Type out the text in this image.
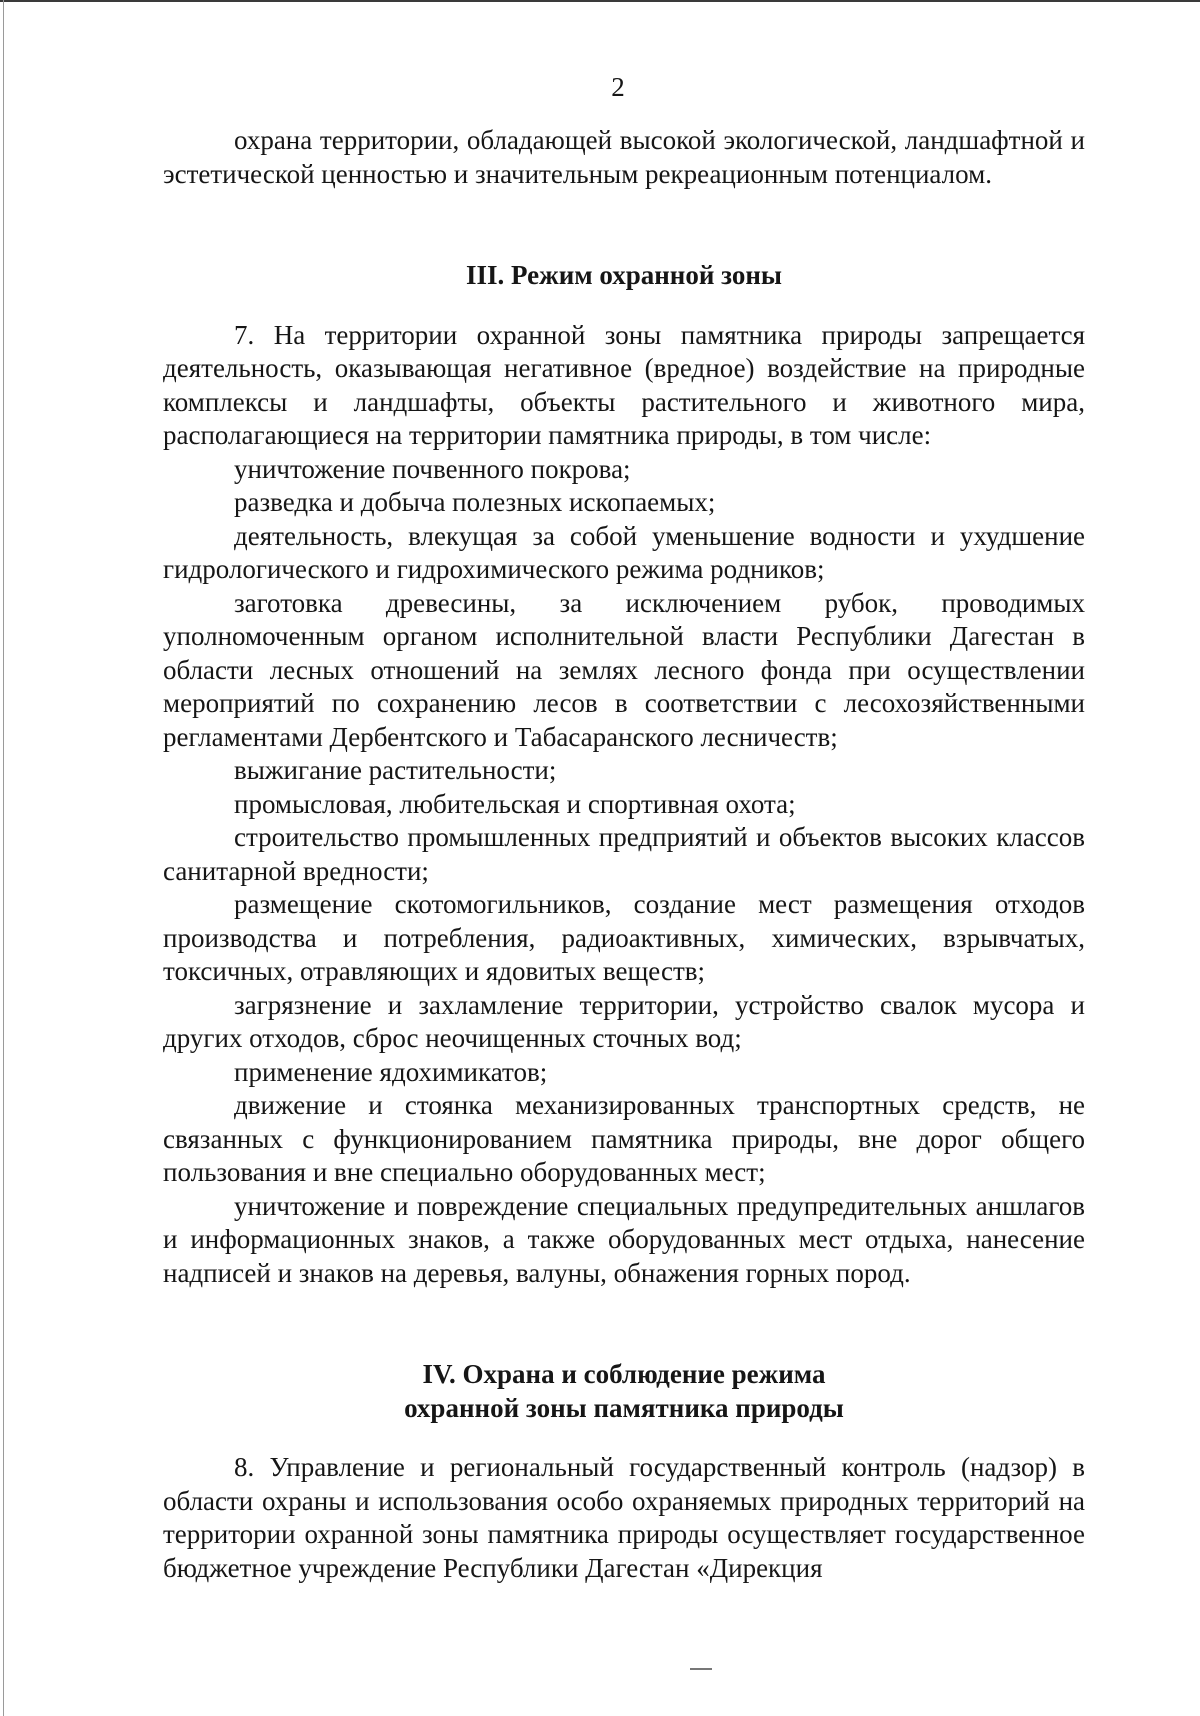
2

охрана территории, обладающей высокой экологической, ландшафтной и эстетической ценностью и значительным рекреационным потенциалом.

III. Режим охранной зоны

7. На территории охранной зоны памятника природы запрещается деятельность, оказывающая негативное (вредное) воздействие на природные комплексы и ландшафты, объекты растительного и животного мира, располагающиеся на территории памятника природы, в том числе:

уничтожение почвенного покрова;

разведка и добыча полезных ископаемых;

деятельность, влекущая за собой уменьшение водности и ухудшение гидрологического и гидрохимического режима родников;

заготовка древесины, за исключением рубок, проводимых уполномоченным органом исполнительной власти Республики Дагестан в области лесных отношений на землях лесного фонда при осуществлении мероприятий по сохранению лесов в соответствии с лесохозяйственными регламентами Дербентского и Табасаранского лесничеств;

выжигание растительности;

промысловая, любительская и спортивная охота;

строительство промышленных предприятий и объектов высоких классов санитарной вредности;

размещение скотомогильников, создание мест размещения отходов производства и потребления, радиоактивных, химических, взрывчатых, токсичных, отравляющих и ядовитых веществ;

загрязнение и захламление территории, устройство свалок мусора и других отходов, сброс неочищенных сточных вод;

применение ядохимикатов;

движение и стоянка механизированных транспортных средств, не связанных с функционированием памятника природы, вне дорог общего пользования и вне специально оборудованных мест;

уничтожение и повреждение специальных предупредительных аншлагов и информационных знаков, а также оборудованных мест отдыха, нанесение надписей и знаков на деревья, валуны, обнажения горных пород.

IV. Охрана и соблюдение режима
охранной зоны памятника природы

8. Управление и региональный государственный контроль (надзор) в области охраны и использования особо охраняемых природных территорий на территории охранной зоны памятника природы осуществляет государственное бюджетное учреждение Республики Дагестан «Дирекция
